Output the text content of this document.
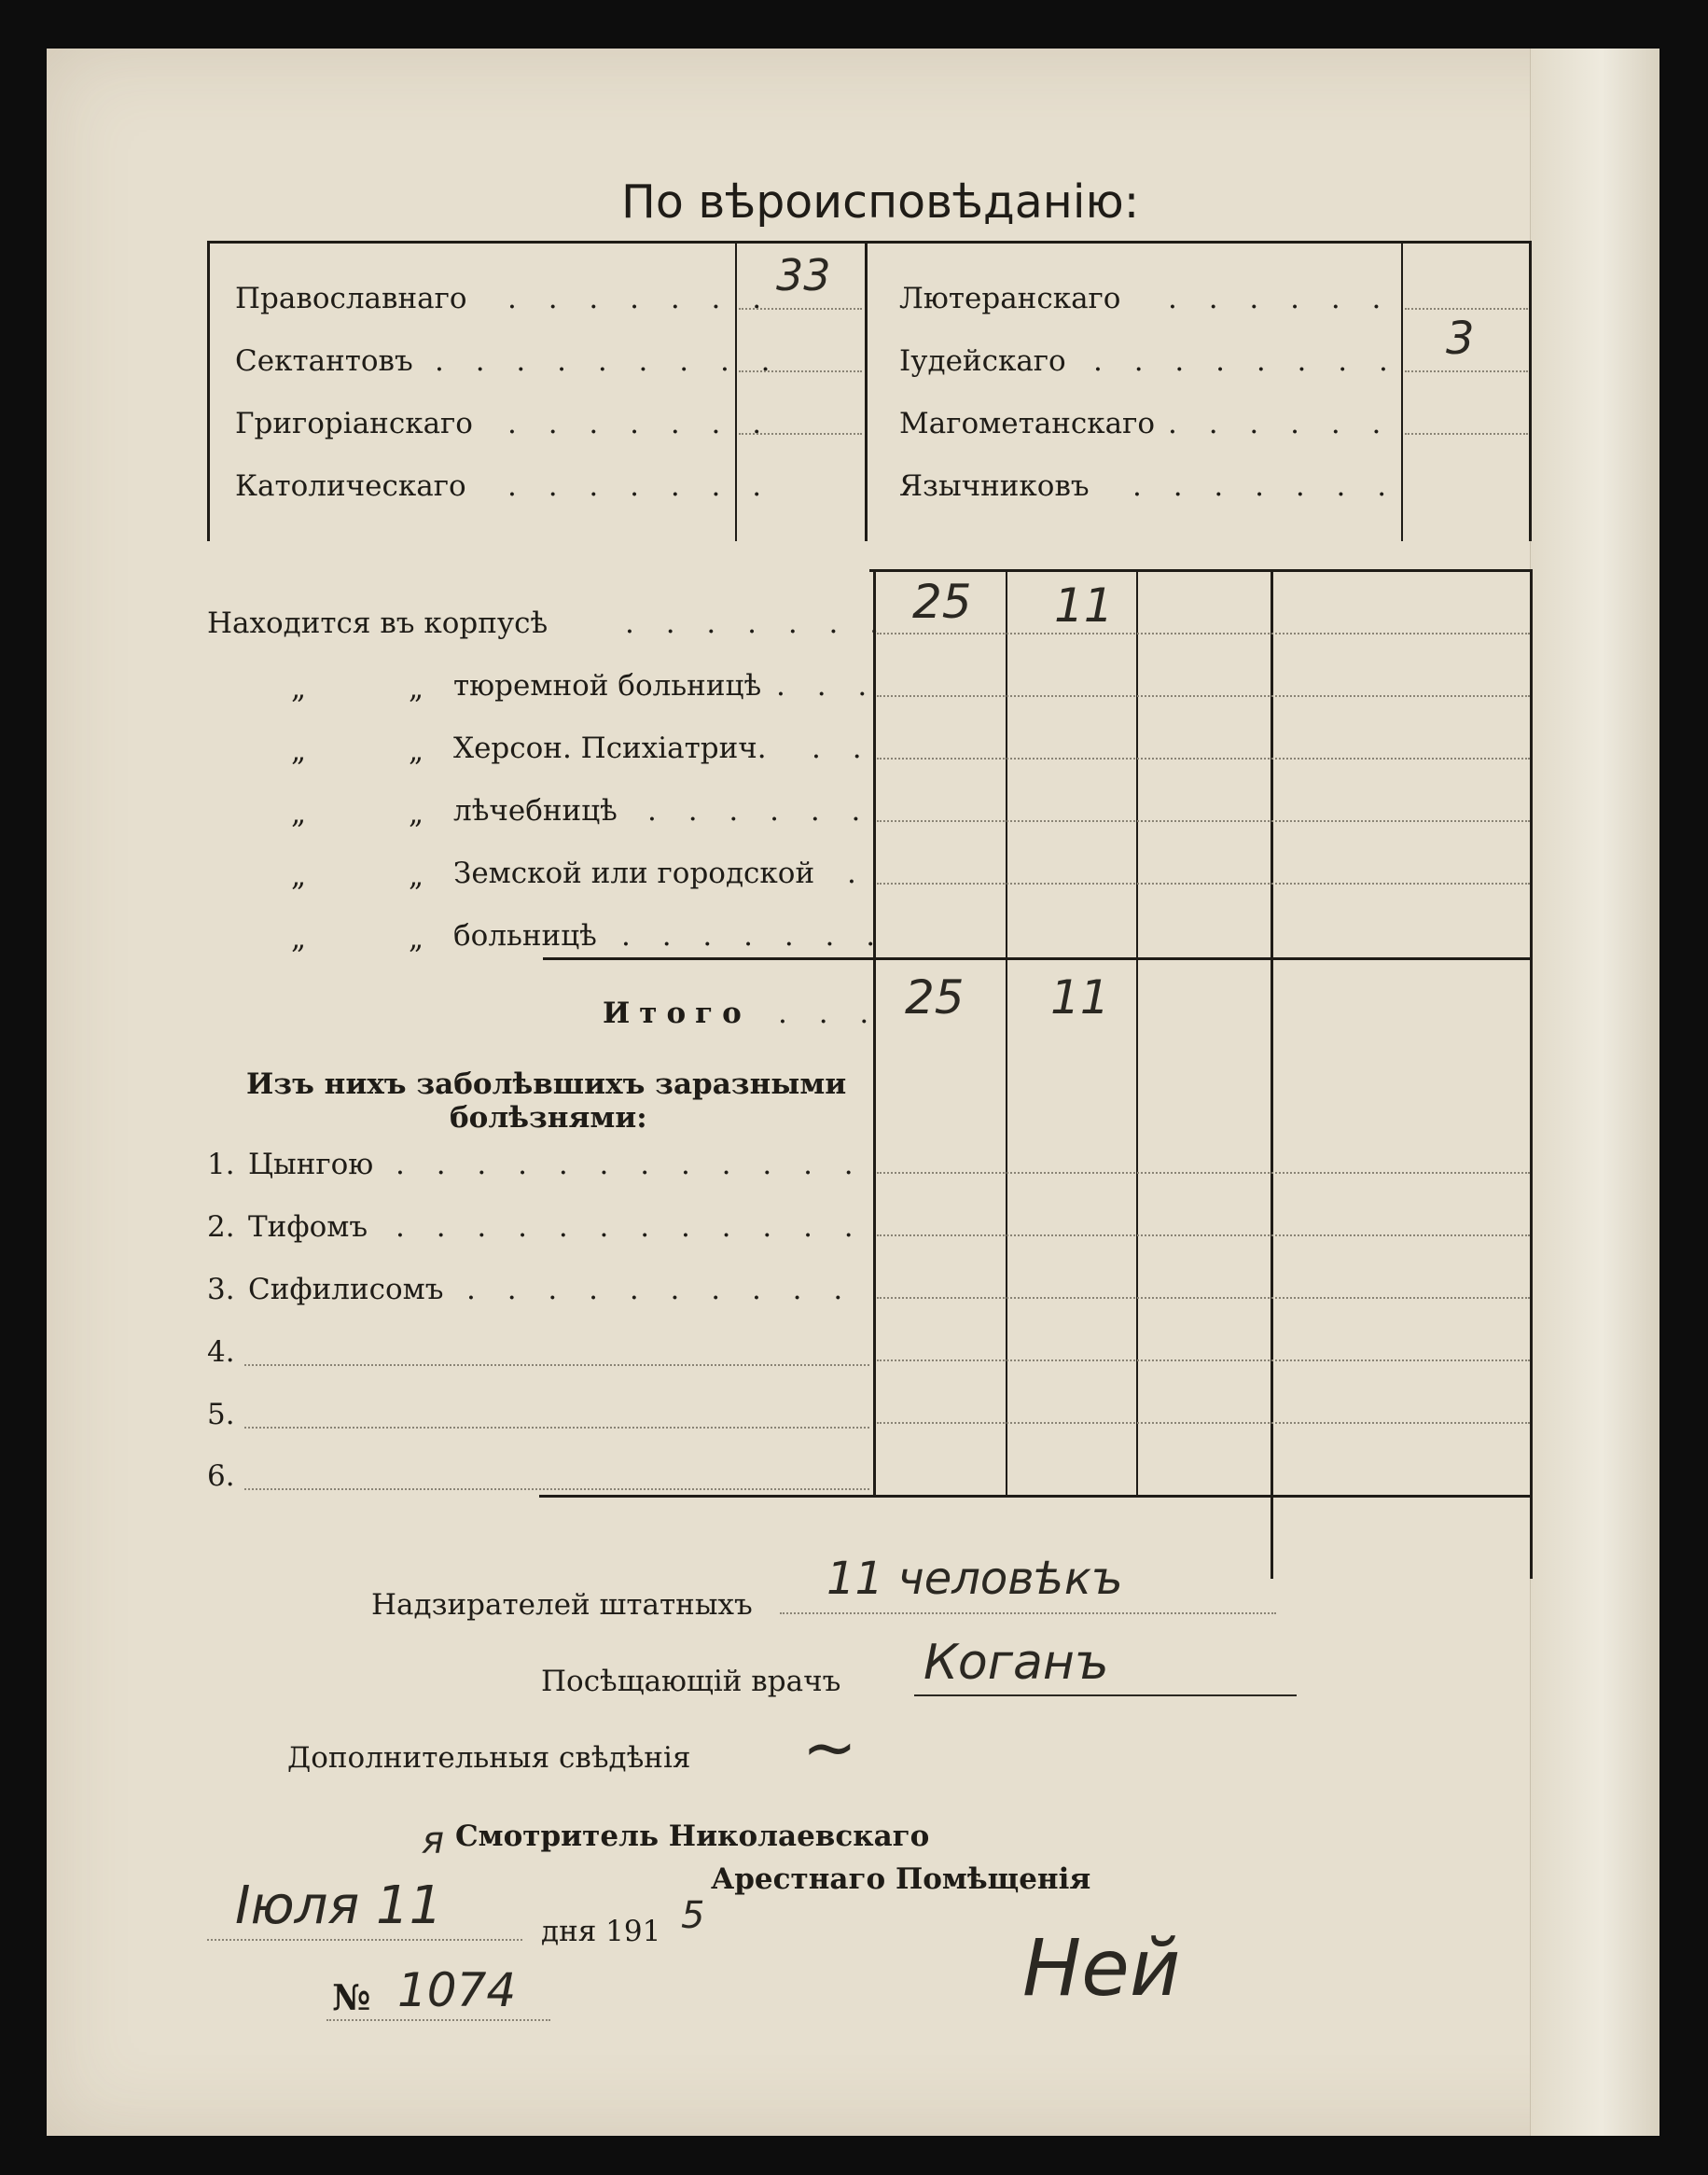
По вѣроисповѣданію:
Православнаго . . . . . . . 33
Сектантовъ . . . . . . . . .
Григоріанскаго . . . . . . .
Католическаго . . . . . . .
Лютеранскаго . . . . . .
Іудейскаго . . . . . . . . 3
Магометанскаго . . . . . .
Язычниковъ . . . . . . .
Находится въ корпусѣ	. . . . . . . 25 11
„	„ тюремной больницѣ . . .
„	„ Херсон. Психіатрич. . .
„	„ лѣчебницѣ . . . . . .
„	„ Земской или городской .
„	„ больницѣ . . . . . . .
Итого . . . 25 11
Изъ нихъ заболѣвшихъ заразными
болѣзнями:
1. Цынгою . . . . . . . . . . . .
2. Тифомъ . . . . . . . . . . . .
3. Сифилисомъ . . . . . . . . . .
4.
5.
6.
Надзирателей штатныхъ 11 человѣкъ
Посѣщающій врачъ Коганъ
Дополнительныя свѣдѣнія ~
я Смотритель Николаевскаго
Арестнаго Помѣщенія
Іюля 11	дня 191 5
№ 1074	Ней
